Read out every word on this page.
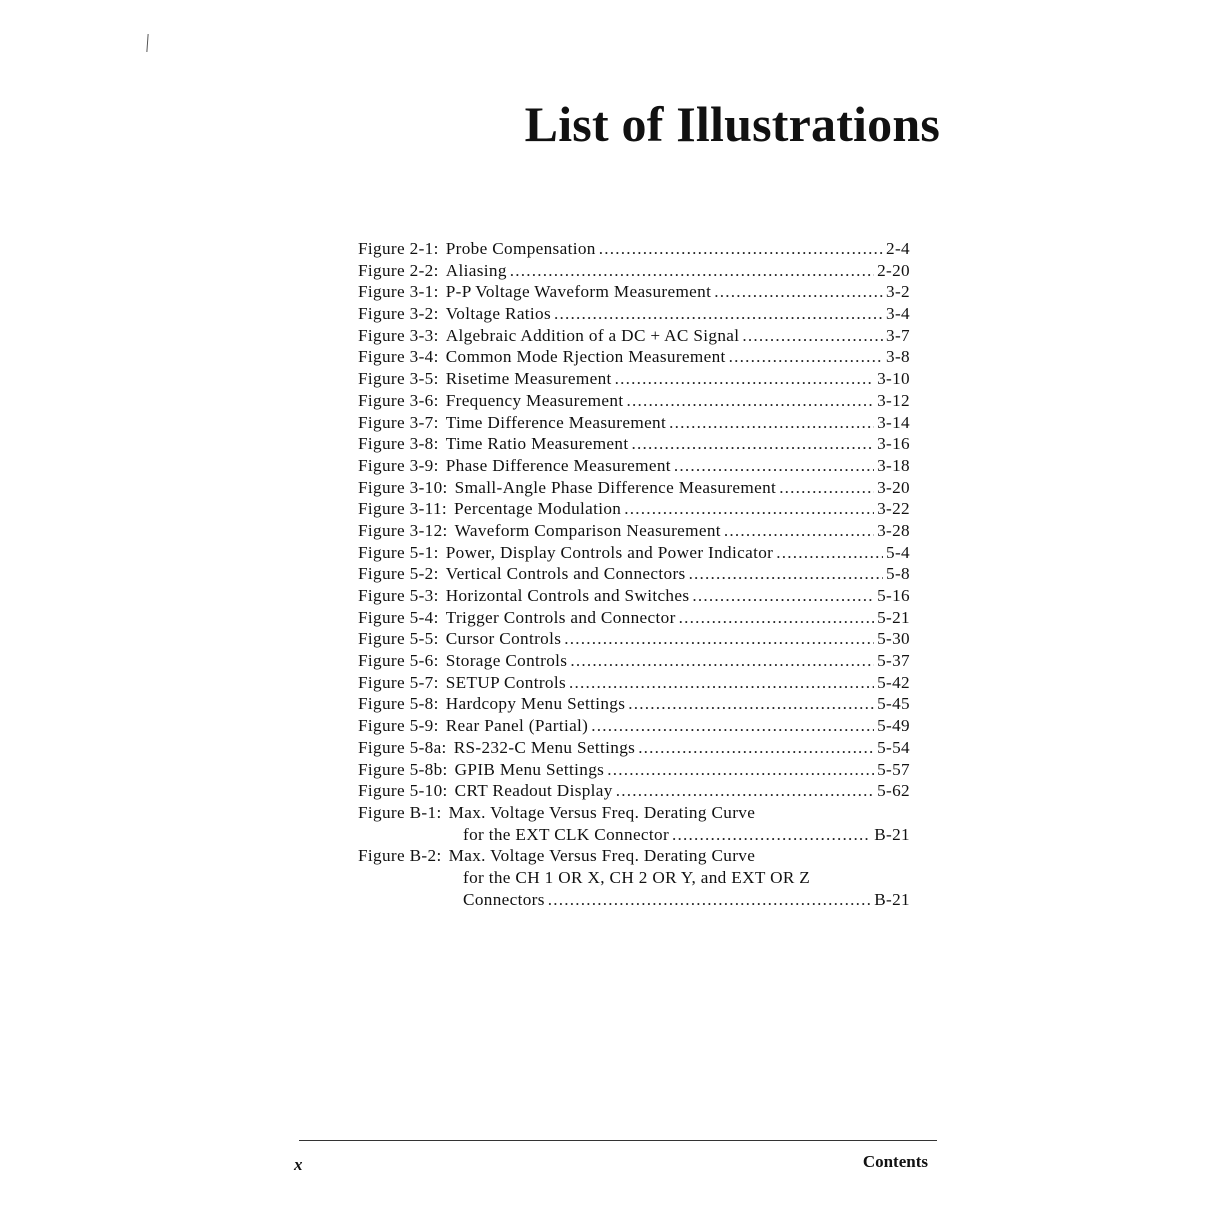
List of Illustrations
Figure 2-1: Probe Compensation .....	2-4
Figure 2-2: Aliasing .....	2-20
Figure 3-1: P-P Voltage Waveform Measurement .....	3-2
Figure 3-2: Voltage Ratios .....	3-4
Figure 3-3: Algebraic Addition of a DC + AC Signal .....	3-7
Figure 3-4: Common Mode Rjection Measurement .....	3-8
Figure 3-5: Risetime Measurement .....	3-10
Figure 3-6: Frequency Measurement .....	3-12
Figure 3-7: Time Difference Measurement .....	3-14
Figure 3-8: Time Ratio Measurement .....	3-16
Figure 3-9: Phase Difference Measurement .....	3-18
Figure 3-10: Small-Angle Phase Difference Measurement .....	3-20
Figure 3-11: Percentage Modulation .....	3-22
Figure 3-12: Waveform Comparison Neasurement .....	3-28
Figure 5-1: Power, Display Controls and Power Indicator .....	5-4
Figure 5-2: Vertical Controls and Connectors .....	5-8
Figure 5-3: Horizontal Controls and Switches .....	5-16
Figure 5-4: Trigger Controls and Connector .....	5-21
Figure 5-5: Cursor Controls .....	5-30
Figure 5-6: Storage Controls .....	5-37
Figure 5-7: SETUP Controls .....	5-42
Figure 5-8: Hardcopy Menu Settings .....	5-45
Figure 5-9: Rear Panel (Partial) .....	5-49
Figure 5-8a: RS-232-C Menu Settings .....	5-54
Figure 5-8b: GPIB Menu Settings .....	5-57
Figure 5-10: CRT Readout Display .....	5-62
Figure B-1: Max. Voltage Versus Freq. Derating Curve
for the EXT CLK Connector .....	B-21
Figure B-2: Max. Voltage Versus Freq. Derating Curve
for the CH 1 OR X, CH 2 OR Y, and EXT OR Z
Connectors .....	B-21
x	Contents
